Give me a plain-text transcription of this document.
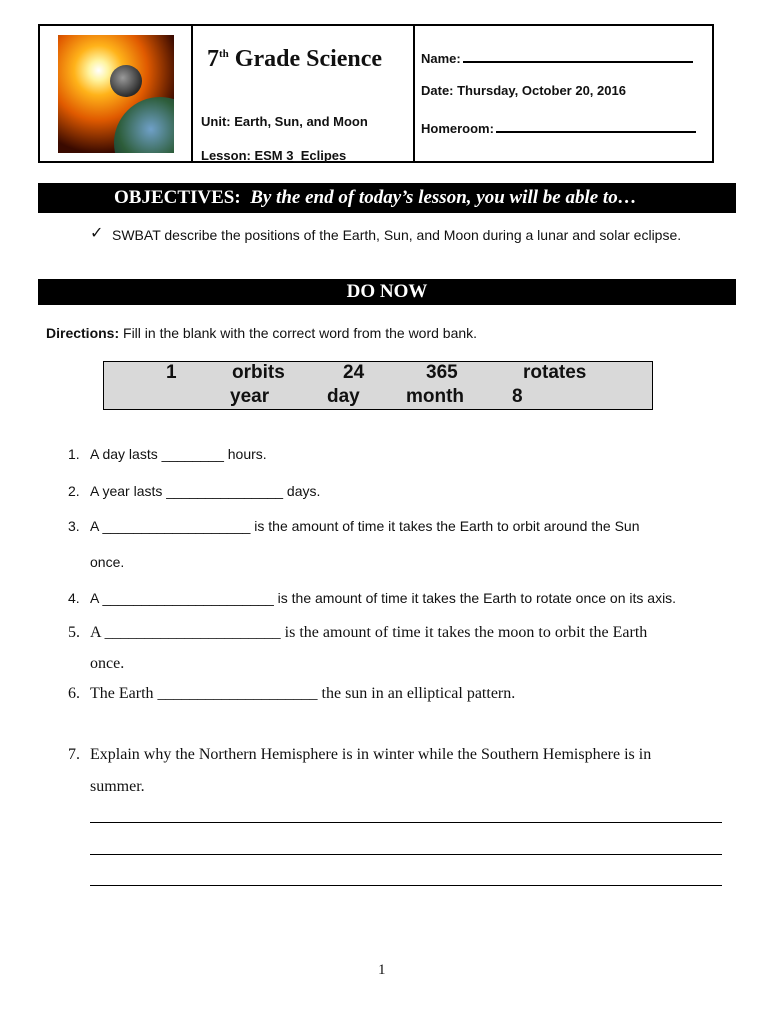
7th Grade Science
Unit: Earth, Sun, and Moon
Lesson: ESM 3_Eclipes
Name:
Date: Thursday, October 20, 2016
Homeroom:
OBJECTIVES: By the end of today’s lesson, you will be able to…
✓ SWBAT describe the positions of the Earth, Sun, and Moon during a lunar and solar eclipse.
DO NOW
Directions: Fill in the blank with the correct word from the word bank.
1	orbits	24	365	rotates
year	day month	8
1. A day lasts ________ hours.
2. A year lasts _______________ days.
3. A ___________________ is the amount of time it takes the Earth to orbit around the Sun
once.
4. A ______________________ is the amount of time it takes the Earth to rotate once on its axis.
5. A ______________________ is the amount of time it takes the moon to orbit the Earth
once.
6. The Earth ____________________ the sun in an elliptical pattern.
7. Explain why the Northern Hemisphere is in winter while the Southern Hemisphere is in
summer.
1
